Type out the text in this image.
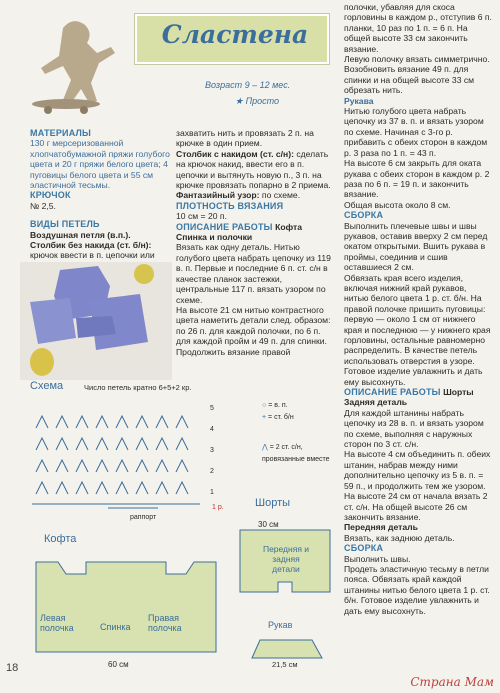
Сластена
Возраст 9 – 12 мес.
★ Просто
МАТЕРИАЛЫ
130 г мерсеризованной хлопчатобумажной пряжи голубого цвета и 20 г пряжи белого цвета; 4 пуговицы белого цвета и 55 см эластичной тесьмы.
КРЮЧОК
№ 2,5.
ВИДЫ ПЕТЕЛЬ
Воздушная петля (в.п.).
Столбик без накида (ст. б/н):
крючок ввести в п. цепочки или
захватить нить и провязать 2 п. на крючке в один прием.
Столбик с накидом (ст. с/н): сделать на крючок накид, ввести его в п. цепочки и вытянуть новую п., 3 п. на крючке провязать попарно в 2 приема.
Фантазийный узор: по схеме.
ПЛОТНОСТЬ ВЯЗАНИЯ
10 см = 20 п.
ОПИСАНИЕ РАБОТЫ Кофта
Спинка и полочки
Вязать как одну деталь. Нитью голубого цвета набрать цепочку из 119 в. п. Первые и последние 6 п. ст. с/н в качестве планок застежки, центральные 117 п. вязать узором по схеме.
На высоте 21 см нитью контрастного цвета наметить детали след. образом: по 26 п. для каждой полочки, по 6 п. для каждой пройм и 49 п. для спинки.
Продолжить вязание правой
полочки, убавляя для скоса горловины в каждом р., отступив 6 п. планки, 10 раз по 1 п. = 6 п. На общей высоте 33 см закончить вязание.
Левую полочку вязать симметрично. Возобновить вязание 49 п. для спинки и на общей высоте 33 см обрезать нить.
Рукава
Нитью голубого цвета набрать цепочку из 37 в. п. и вязать узором по схеме. Начиная с 3-го р. прибавить с обеих сторон в каждом р. 3 раза по 1 п. = 43 п.
На высоте 6 см закрыть для оката рукава с обеих сторон в каждом р. 2 раза по 6 п. = 19 п. и закончить вязание.
Общая высота около 8 см.
СБОРКА
Выполнить плечевые швы и швы рукавов, оставив вверху 2 см перед окатом открытыми. Вшить рукава в проймы, соединив и сшив оставшиеся 2 см.
Обвязать края всего изделия, включая нижний край рукавов, нитью белого цвета 1 р. ст. б/н. На правой полочке пришить пуговицы: первую — около 1 см от нижнего края и последнюю — у нижнего края горловины, остальные равномерно распределить. В качестве петель использовать отверстия в узоре. Готовое изделие увлажнить и дать ему высохнуть.
ОПИСАНИЕ РАБОТЫ Шорты
Задняя деталь
Для каждой штанины набрать цепочку из 28 в. п. и вязать узором по схеме, выполняя с наружных сторон по 3 ст. с/н.
На высоте 4 см объединить п. обеих штанин, набрав между ними дополнительно цепочку из 5 в. п. = 59 п., и продолжить тем же узором. На высоте 24 см от начала вязать 2 ст. с/н. На общей высоте 26 см закончить вязание.
Передняя деталь
Вязать, как заднюю деталь.
СБОРКА
Выполнить швы.
Продеть эластичную тесьму в петли пояса. Обвязать край каждой штанины нитью белого цвета 1 р. ст. б/н. Готовое изделие увлажнить и дать ему высохнуть.
Схема	Число петель кратно 6+5+2 кр.
5
4
3
2
1
1 р.
раппорт
○ = в. п.
+ = ст. б/н
⋀ = 2 ст. с/н, провязанные вместе
Шорты
30 см
Передняя и задняя детали
Кофта
Левая полочка	Спинка
Правая полочка
60 см
Рукав
21,5 см
18
Страна Мам
